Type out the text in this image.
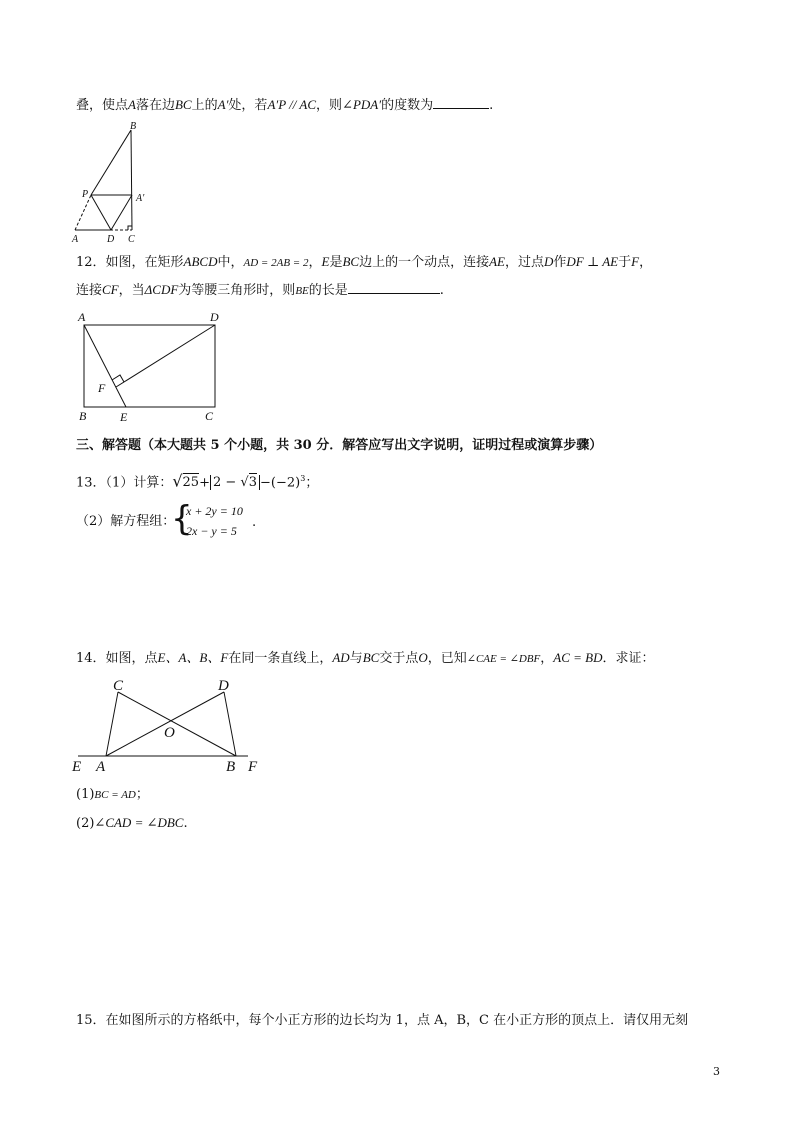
叠，使点A落在边BC上的A′处，若A′P // AC，则∠PDA′的度数为	.
B
P	A′
A	D C
12．如图，在矩形ABCD中，AD = 2AB = 2，E是BC边上的一个动点，连接AE，过点D作DF ⊥ AE于F，
连接CF，当ΔCDF为等腰三角形时，则BE的长是	.
A	D
F
B	E	C
三、解答题（本大题共 5 个小题，共 30 分．解答应写出文字说明，证明过程或演算步骤）
13．（1）计算：$√25+ 2 - √3 -(-2)^3$；
（2）解方程组：
{
x + 2y = 10
2x − y = 5
.
14．如图，点E、A、B、F在同一条直线上，AD与BC交于点O，已知∠CAE = ∠DBF，AC = BD．求证：
C	D
O
E A	B F
(1)BC = AD；
(2)∠CAD = ∠DBC.
15．在如图所示的方格纸中，每个小正方形的边长均为 1，点 A，B，C 在小正方形的顶点上．请仅用无刻
3
